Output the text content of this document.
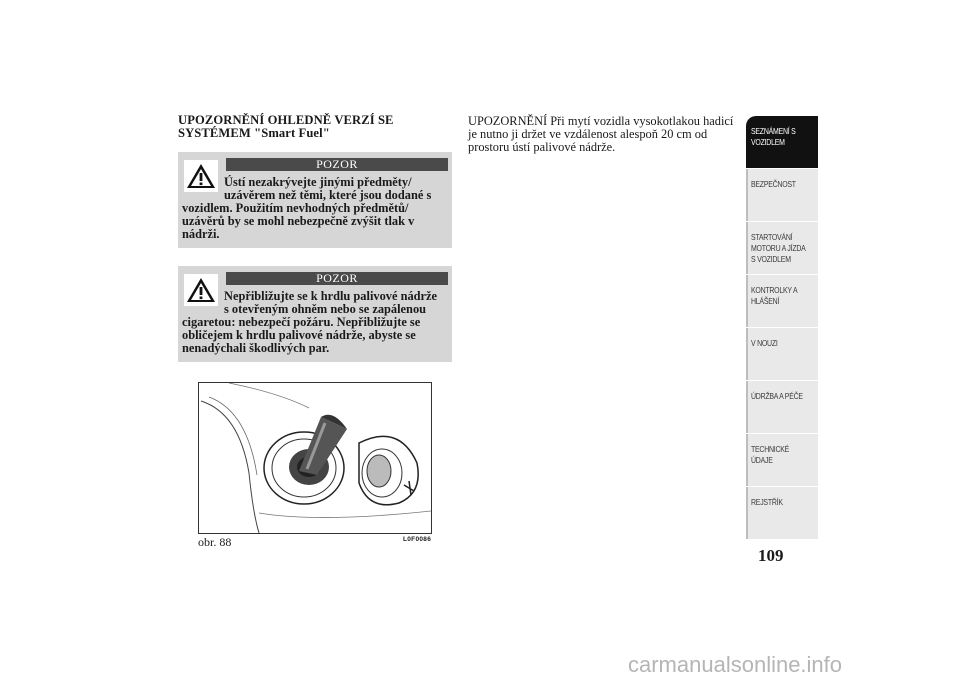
UPOZORNĚNÍ OHLEDNĚ VERZÍ SE SYSTÉMEM "Smart Fuel"
POZOR
Ústí nezakrývejte jinými předměty/ uzávěrem než těmi, které jsou dodané s vozidlem. Použitím nevhodných předmětů/ uzávěrů by se mohl nebezpečně zvýšit tlak v nádrži.
POZOR
Nepřibližujte se k hrdlu palivové nádrže s otevřeným ohněm nebo se zapálenou cigaretou: nebezpečí požáru. Nepřibližujte se obličejem k hrdlu palivové nádrže, abyste se nenadýchali škodlivých par.
obr. 88	L0F0086
UPOZORNĚNÍ Při mytí vozidla vysokotlakou hadicí je nutno ji držet ve vzdálenost alespoň 20 cm od prostoru ústí palivové nádrže.
SEZNÁMENÍ S
VOZIDLEM
BEZPEČNOST
STARTOVÁNÍ
MOTORU A JÍZDA
S VOZIDLEM
KONTROLKY A
HLÁŠENÍ
V NOUZI
ÚDRŽBA A PÉČE
TECHNICKÉ
ÚDAJE
REJSTŘÍK
109
carmanualsonline.info
